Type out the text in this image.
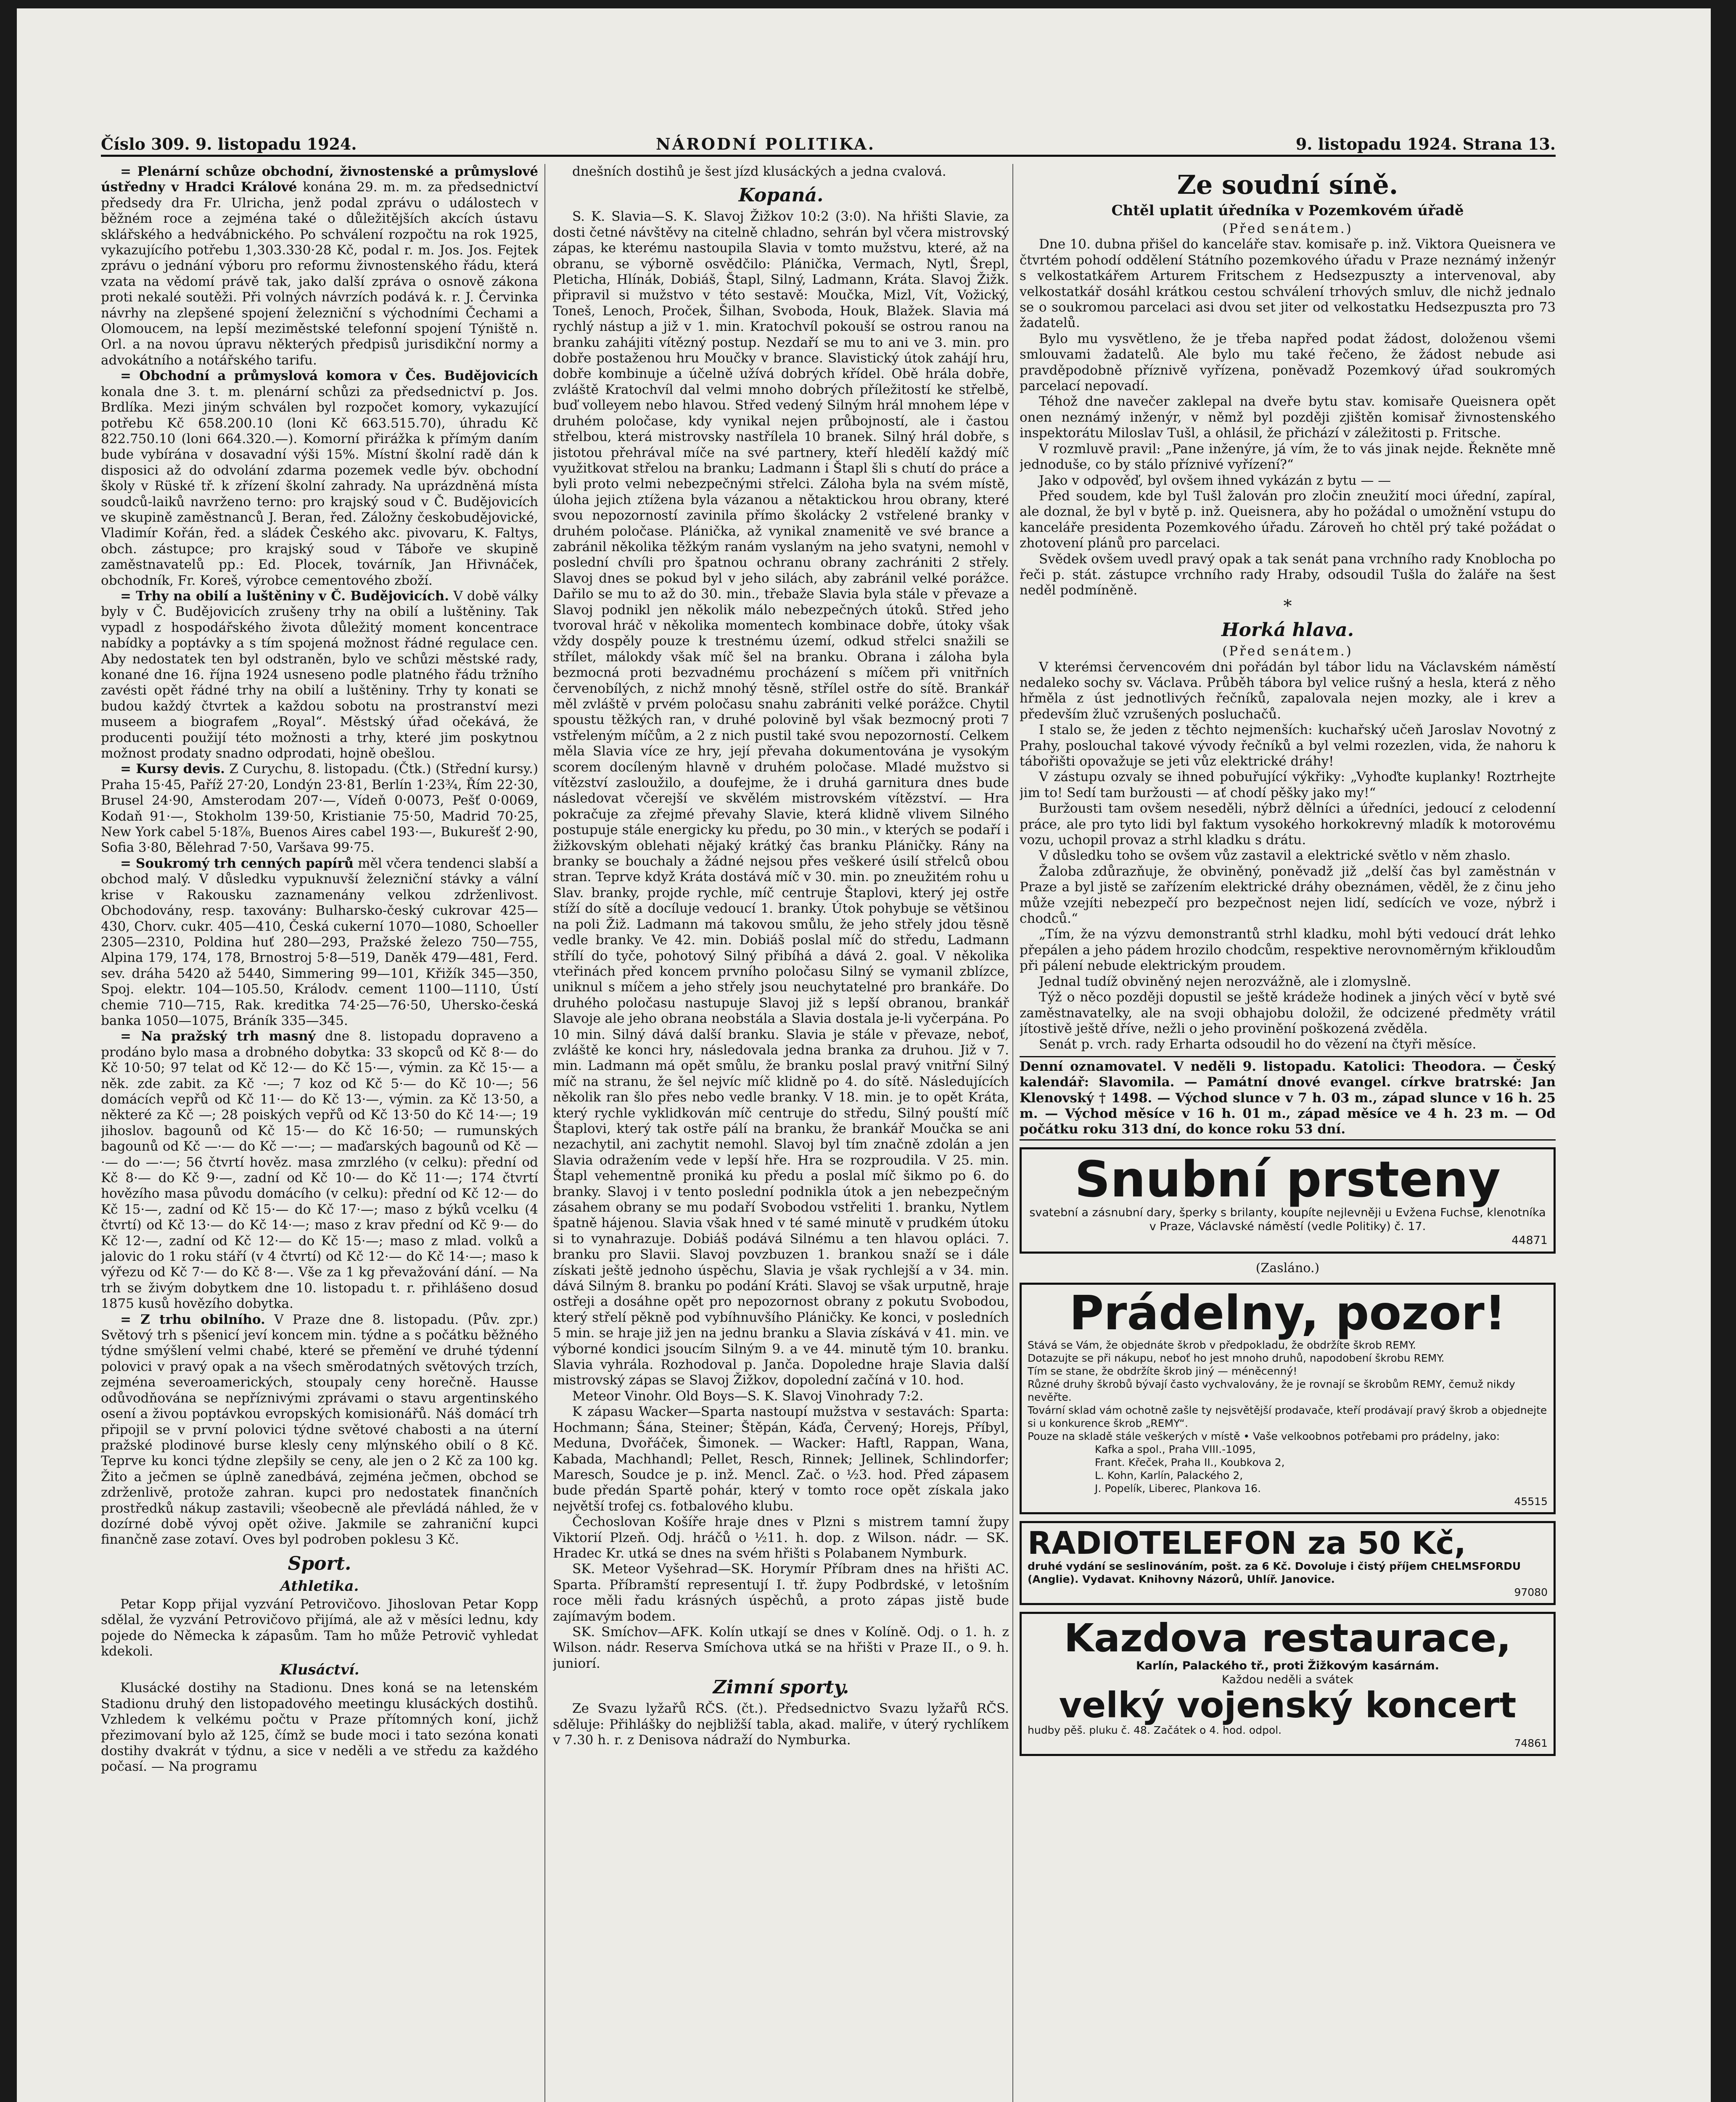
Číslo 309. 9. listopadu 1924.	NÁRODNÍ POLITIKA.	9. listopadu 1924. Strana 13.

= Plenární schůze obchodní, živnostenské a průmyslové ústředny v Hradci Králové konána 29. m. m. za předsednictví předsedy dra Fr. Ulricha, jenž podal zprávu o událostech v běžném roce a zejména také o důležitějších akcích ústavu sklářského a hedvábnického. Po schválení rozpočtu na rok 1925, vykazujícího potřebu 1,303.330·28 Kč, podal r. m. Jos. Jos. Fejtek zprávu o jednání výboru pro reformu živnostenského řádu, která vzata na vědomí právě tak, jako další zpráva o osnově zákona proti nekalé soutěži. Při volných návrzích podává k. r. J. Červinka návrhy na zlepšené spojení železniční s východními Čechami a Olomoucem, na lepší meziměstské telefonní spojení Týniště n. Orl. a na novou úpravu některých předpisů jurisdikční normy a advokátního a notářského tarifu.

= Obchodní a průmyslová komora v Čes. Budějovicích konala dne 3. t. m. plenární schůzi za předsednictví p. Jos. Brdlíka. Mezi jiným schválen byl rozpočet komory, vykazující potřebu Kč 658.200.10 (loni Kč 663.515.70), úhradu Kč 822.750.10 (loni 664.320.—). Komorní přirážka k přímým daním bude vybírána v dosavadní výši 15%. Místní školní radě dán k disposici až do odvolání zdarma pozemek vedle býv. obchodní školy v Rüské tř. k zřízení školní zahrady. Na uprázdněná místa soudců-laiků navrženo terno: pro krajský soud v Č. Budějovicích ve skupině zaměstnanců J. Beran, řed. Záložny českobudějovické, Vladimír Kořán, řed. a sládek Českého akc. pivovaru, K. Faltys, obch. zástupce; pro krajský soud v Táboře ve skupině zaměstnavatelů pp.: Ed. Plocek, továrník, Jan Hřivnáček, obchodník, Fr. Koreš, výrobce cementového zboží.

= Trhy na obilí a luštěniny v Č. Budějovicích. V době války byly v Č. Budějovicích zrušeny trhy na obilí a luštěniny. Tak vypadl z hospodářského života důležitý moment koncentrace nabídky a poptávky a s tím spojená možnost řádné regulace cen. Aby nedostatek ten byl odstraněn, bylo ve schůzi městské rady, konané dne 16. října 1924 usneseno podle platného řádu tržního zavésti opět řádné trhy na obilí a luštěniny. Trhy ty konati se budou každý čtvrtek a každou sobotu na prostranství mezi museem a biografem „Royal“. Městský úřad očekává, že producenti použijí této možnosti a trhy, které jim poskytnou možnost prodaty snadno odprodati, hojně obešlou.

= Kursy devis. Z Curychu, 8. listopadu. (Čtk.) (Střední kursy.) Praha 15·45, Paříž 27·20, Londýn 23·81, Berlín 1·23¾, Řím 22·30, Brusel 24·90, Amsterodam 207·—, Vídeň 0·0073, Pešť 0·0069, Kodaň 91·—, Stokholm 139·50, Kristianie 75·50, Madrid 70·25, New York cabel 5·18⅞, Buenos Aires cabel 193·—, Bukurešť 2·90, Sofia 3·80, Bělehrad 7·50, Varšava 99·75.

= Soukromý trh cenných papírů měl včera tendenci slabší a obchod malý. V důsledku vypuknuvší železniční stávky a vální krise v Rakousku zaznamenány velkou zdrženlivost. Obchodovány, resp. taxovány: Bulharsko-český cukrovar 425—430, Chorv. cukr. 405—410, Česká cukerní 1070—1080, Schoeller 2305—2310, Poldina huť 280—293, Pražské železo 750—755, Alpina 179, 174, 178, Brnostroj 5·8—519, Daněk 479—481, Ferd. sev. dráha 5420 až 5440, Simmering 99—101, Křižík 345—350, Spoj. elektr. 104—105.50, Králodv. cement 1100—1110, Ústí chemie 710—715, Rak. kreditka 74·25—76·50, Uhersko-česká banka 1050—1075, Bráník 335—345.

= Na pražský trh masný dne 8. listopadu dopraveno a prodáno bylo masa a drobného dobytka: 33 skopců od Kč 8·— do Kč 10·50; 97 telat od Kč 12·— do Kč 15·—, výmin. za Kč 15·— a něk. zde zabit. za Kč ·—; 7 koz od Kč 5·— do Kč 10·—; 56 domácích vepřů od Kč 11·— do Kč 13·—, výmin. za Kč 13·50, a některé za Kč —; 28 poiských vepřů od Kč 13·50 do Kč 14·—; 19 jihoslov. bagounů od Kč 15·— do Kč 16·50; — rumunských bagounů od Kč —·— do Kč —·—; — maďarských bagounů od Kč —·— do —·—; 56 čtvrtí hověz. masa zmrzlého (v celku): přední od Kč 8·— do Kč 9·—, zadní od Kč 10·— do Kč 11·—; 174 čtvrtí hovězího masa původu domácího (v celku): přední od Kč 12·— do Kč 15·—, zadní od Kč 15·— do Kč 17·—; maso z býků vcelku (4 čtvrtí) od Kč 13·— do Kč 14·—; maso z krav přední od Kč 9·— do Kč 12·—, zadní od Kč 12·— do Kč 15·—; maso z mlad. volků a jalovic do 1 roku stáří (v 4 čtvrtí) od Kč 12·— do Kč 14·—; maso k výřezu od Kč 7·— do Kč 8·—. Vše za 1 kg převažování dání. — Na trh se živým dobytkem dne 10. listopadu t. r. přihlášeno dosud 1875 kusů hovězího dobytka.

= Z trhu obilního. V Praze dne 8. listopadu. (Pův. zpr.) Světový trh s pšenicí jeví koncem min. týdne a s počátku běžného týdne smýšlení velmi chabé, které se přemění ve druhé týdenní polovici v pravý opak a na všech směrodatných světových trzích, zejména severoamerických, stoupaly ceny horečně. Hausse odůvodňována se nepříznivými zprávami o stavu argentinského osení a živou poptávkou evropských komisionářů. Náš domácí trh připojil se v první polovici týdne světové chabosti a na úterní pražské plodinové burse klesly ceny mlýnského obilí o 8 Kč. Teprve ku konci týdne zlepšily se ceny, ale jen o 2 Kč za 100 kg. Žito a ječmen se úplně zanedbává, zejména ječmen, obchod se zdrženlivě, protože zahran. kupci pro nedostatek finančních prostředků nákup zastavili; všeobecně ale převládá náhled, že v dozírné době vývoj opět ožive. Jakmile se zahraniční kupci finančně zase zotaví. Oves byl podroben poklesu 3 Kč.

Sport.
Athletika.

Petar Kopp přijal vyzvání Petrovičovo. Jihoslovan Petar Kopp sdělal, že vyzvání Petrovičovo přijímá, ale až v měsíci lednu, kdy pojede do Německa k zápasům. Tam ho může Petrovič vyhledat kdekoli.

Klusáctví.

Klusácké dostihy na Stadionu. Dnes koná se na letenském Stadionu druhý den listopadového meetingu klusáckých dostihů. Vzhledem k velkému počtu v Praze přítomných koní, jichž přezimovaní bylo až 125, čímž se bude moci i tato sezóna konati dostihy dvakrát v týdnu, a sice v neděli a ve středu za každého počasí. — Na programu

dnešních dostihů je šest jízd klusáckých a jedna cvalová.

Kopaná.

S. K. Slavia—S. K. Slavoj Žižkov 10:2 (3:0). Na hřišti Slavie, za dosti četné návštěvy na citelně chladno, sehrán byl včera mistrovský zápas, ke kterému nastoupila Slavia v tomto mužstvu, které, až na obranu, se výborně osvědčilo: Plánička, Vermach, Nytl, Šrepl, Pleticha, Hlínák, Dobiáš, Štapl, Silný, Ladmann, Kráta. Slavoj Žižk. připravil si mužstvo v této sestavě: Moučka, Mizl, Vít, Vožický, Toneš, Lenoch, Proček, Šilhan, Svoboda, Houk, Blažek. Slavia má rychlý nástup a již v 1. min. Kratochvíl pokouší se ostrou ranou na branku zahájiti vítězný postup. Nezdaří se mu to ani ve 3. min. pro dobře postaženou hru Moučky v brance. Slavistický útok zahájí hru, dobře kombinuje a účelně užívá dobrých křídel. Obě hrála dobře, zvláště Kratochvíl dal velmi mnoho dobrých příležitostí ke střelbě, buď volleyem nebo hlavou. Střed vedený Silným hrál mnohem lépe v druhém poločase, kdy vynikal nejen průbojností, ale i častou střelbou, která mistrovsky nastřílela 10 branek. Silný hrál dobře, s jistotou přehrával míče na své partnery, kteří hledělí každý míč využitkovat střelou na branku; Ladmann i Štapl šli s chutí do práce a byli proto velmi nebezpečnými střelci. Záloha byla na svém místě, úloha jejich ztížena byla vázanou a nětaktickou hrou obrany, které svou nepozorností zavinila přímo školácky 2 vstřelené branky v druhém poločase. Plánička, až vynikal znamenitě ve své brance a zabránil několika těžkým ranám vyslaným na jeho svatyni, nemohl v poslední chvíli pro špatnou ochranu obrany zachrániti 2 střely. Slavoj dnes se pokud byl v jeho silách, aby zabránil velké porážce. Dařilo se mu to až do 30. min., třebaže Slavia byla stále v převaze a Slavoj podnikl jen několik málo nebezpečných útoků. Střed jeho tvoroval hráč v několika momentech kombinace dobře, útoky však vždy dospěly pouze k trestnému území, odkud střelci snažili se střílet, málokdy však míč šel na branku. Obrana i záloha byla bezmocná proti bezvadnému procházení s míčem při vnitřních červenobílých, z nichž mnohý těsně, střílel ostře do sítě. Brankář měl zvláště v prvém poločasu snahu zabrániti velké porážce. Chytil spoustu těžkých ran, v druhé polovině byl však bezmocný proti 7 vstřeleným míčům, a 2 z nich pustil také svou nepozorností. Celkem měla Slavia více ze hry, její převaha dokumentována je vysokým scorem docíleným hlavně v druhém poločase. Mladé mužstvo si vítězství zasloužilo, a doufejme, že i druhá garnitura dnes bude následovat včerejší ve skvělém mistrovském vítězství. — Hra pokračuje za zřejmé převahy Slavie, která klidně vlivem Silného postupuje stále energicky ku předu, po 30 min., v kterých se podaří i žižkovským oblehati nějaký krátký čas branku Pláničky. Rány na branky se bouchaly a žádné nejsou přes veškeré úsilí střelců obou stran. Teprve když Kráta dostává míč v 30. min. po zneužitém rohu u Slav. branky, projde rychle, míč centruje Štaplovi, který jej ostře stíží do sítě a docíluje vedoucí 1. branky. Útok pohybuje se většinou na poli Žiž. Ladmann má takovou smůlu, že jeho střely jdou těsně vedle branky. Ve 42. min. Dobiáš poslal míč do středu, Ladmann střílí do tyče, pohotový Silný přibíhá a dává 2. goal. V několika vteřinách před koncem prvního poločasu Silný se vymanil zblízce, uniknul s míčem a jeho střely jsou neuchytatelné pro brankáře. Do druhého poločasu nastupuje Slavoj již s lepší obranou, brankář Slavoje ale jeho obrana neobstála a Slavia dostala je-li vyčerpána. Po 10 min. Silný dává další branku. Slavia je stále v převaze, neboť, zvláště ke konci hry, následovala jedna branka za druhou. Již v 7. min. Ladmann má opět smůlu, že branku poslal pravý vnitřní Silný míč na stranu, že šel nejvíc míč klidně po 4. do sítě. Následujících několik ran šlo přes nebo vedle branky. V 18. min. je to opět Kráta, který rychle vyklidkován míč centruje do středu, Silný pouští míč Štaplovi, který tak ostře pálí na branku, že brankář Moučka se ani nezachytil, ani zachytit nemohl. Slavoj byl tím značně zdolán a jen Slavia odražením vede v lepší hře. Hra se rozproudila. V 25. min. Štapl vehementně proniká ku předu a poslal míč šikmo po 6. do branky. Slavoj i v tento poslední podnikla útok a jen nebezpečným zásahem obrany se mu podaří Svobodou vstřeliti 1. branku, Nytlem špatně hájenou. Slavia však hned v té samé minutě v prudkém útoku si to vynahrazuje. Dobiáš podává Silnému a ten hlavou opláci. 7. branku pro Slavii. Slavoj povzbuzen 1. brankou snaží se i dále získati ještě jednoho úspěchu, Slavia je však rychlejší a v 34. min. dává Silným 8. branku po podání Kráti. Slavoj se však urputně, hraje ostřeji a dosáhne opět pro nepozornost obrany z pokutu Svobodou, který střelí pěkně pod vybíhnuvšího Pláničky. Ke konci, v posledních 5 min. se hraje již jen na jednu branku a Slavia získává v 41. min. ve výborné kondici jsoucím Silným 9. a ve 44. minutě tým 10. branku. Slavia vyhrála. Rozhodoval p. Janča. Dopoledne hraje Slavia další mistrovský zápas se Slavoj Žižkov, dopolední začíná v 10. hod.

Meteor Vinohr. Old Boys—S. K. Slavoj Vinohrady 7:2.

K zápasu Wacker—Sparta nastoupí mužstva v sestavách: Sparta: Hochmann; Šána, Steiner; Štěpán, Káďa, Červený; Horejs, Příbyl, Meduna, Dvořáček, Šimonek. — Wacker: Haftl, Rappan, Wana, Kabada, Machhandl; Pellet, Resch, Rinnek; Jellinek, Schlindorfer; Maresch, Soudce je p. inž. Mencl. Zač. o ½3. hod. Před zápasem bude předán Spartě pohár, který v tomto roce opět získala jako největší trofej cs. fotbalového klubu.

Čechoslovan Košíře hraje dnes v Plzni s mistrem tamní župy Viktorií Plzeň. Odj. hráčů o ½11. h. dop. z Wilson. nádr. — SK. Hradec Kr. utká se dnes na svém hřišti s Polabanem Nymburk.

SK. Meteor Vyšehrad—SK. Horymír Příbram dnes na hřišti AC. Sparta. Příbramští representují I. tř. župy Podbrdské, v letošním roce měli řadu krásných úspěchů, a proto zápas jistě bude zajímavým bodem.

SK. Smíchov—AFK. Kolín utkají se dnes v Kolíně. Odj. o 1. h. z Wilson. nádr. Reserva Smíchova utká se na hřišti v Praze II., o 9. h. juniorí.

Zimní sporty.

Ze Svazu lyžařů RČS. (čt.). Předsednictvo Svazu lyžařů RČS. sděluje: Přihlášky do nejbližší tabla, akad. maliře, v úterý rychlíkem v 7.30 h. r. z Denisova nádraží do Nymburka.

Ze soudní síně.
Chtěl uplatit úředníka v Pozemkovém úřadě
(Před senátem.)

Dne 10. dubna přišel do kanceláře stav. komisaře p. inž. Viktora Queisnera ve čtvrtém pohodí oddělení Státního pozemkového úřadu v Praze neznámý inženýr s velkostatkářem Arturem Fritschem z Hedsezpuszty a intervenoval, aby velkostatkář dosáhl krátkou cestou schválení trhových smluv, dle nichž jednalo se o soukromou parcelaci asi dvou set jiter od velkostatku Hedsezpuszta pro 73 žadatelů.

Bylo mu vysvětleno, že je třeba napřed podat žádost, doloženou všemi smlouvami žadatelů. Ale bylo mu také řečeno, že žádost nebude asi pravděpodobně příznivě vyřízena, poněvadž Pozemkový úřad soukromých parcelací nepovadí.

Téhož dne navečer zaklepal na dveře bytu stav. komisaře Queisnera opět onen neznámý inženýr, v němž byl později zjištěn komisař živnostenského inspektorátu Miloslav Tušl, a ohlásil, že přichází v záležitosti p. Fritsche.

V rozmluvě pravil: „Pane inženýre, já vím, že to vás jinak nejde. Řekněte mně jednoduše, co by stálo příznivé vyřízení?“

Jako v odpověď, byl ovšem ihned vykázán z bytu — —

Před soudem, kde byl Tušl žalován pro zločin zneužití moci úřední, zapíral, ale doznal, že byl v bytě p. inž. Queisnera, aby ho požádal o umožnění vstupu do kanceláře presidenta Pozemkového úřadu. Zároveň ho chtěl prý také požádat o zhotovení plánů pro parcelaci.

Svědek ovšem uvedl pravý opak a tak senát pana vrchního rady Knoblocha po řeči p. stát. zástupce vrchního rady Hraby, odsoudil Tušla do žaláře na šest neděl podmíněně.

*
Horká hlava.
(Před senátem.)

V kterémsi červencovém dni pořádán byl tábor lidu na Václavském náměstí nedaleko sochy sv. Václava. Průběh tábora byl velice rušný a hesla, která z něho hřměla z úst jednotlivých řečníků, zapalovala nejen mozky, ale i krev a především žluč vzrušených posluchačů.

I stalo se, že jeden z těchto nejmenších: kuchařský učeň Jaroslav Novotný z Prahy, poslouchal takové vývody řečníků a byl velmi rozezlen, vida, že nahoru k tábořišti opovažuje se jeti vůz elektrické dráhy!

V zástupu ozvaly se ihned pobuřující výkřiky: „Vyhoďte kuplanky! Roztrhejte jim to! Sedí tam buržousti — ať chodí pěšky jako my!“

Buržousti tam ovšem neseděli, nýbrž dělníci a úředníci, jedoucí z celodenní práce, ale pro tyto lidi byl faktum vysokého horkokrevný mladík k motorovému vozu, uchopil provaz a strhl kladku s drátu.

V důsledku toho se ovšem vůz zastavil a elektrické světlo v něm zhaslo.

Žaloba zdůrazňuje, že obviněný, poněvadž již „delší čas byl zaměstnán v Praze a byl jistě se zařízením elektrické dráhy obeznámen, věděl, že z činu jeho může vzejíti nebezpečí pro bezpečnost nejen lidí, sedících ve voze, nýbrž i chodců.“

„Tím, že na výzvu demonstrantů strhl kladku, mohl býti vedoucí drát lehko přepálen a jeho pádem hrozilo chodcům, respektive nerovnoměrným křikloudům při pálení nebude elektrickým proudem.

Jednal tudíž obviněný nejen nerozvážně, ale i zlomyslně.

Týž o něco později dopustil se ještě krádeže hodinek a jiných věcí v bytě své zaměstnavatelky, ale na svoji obhajobu doložil, že odcizené předměty vrátil jítostivě ještě dříve, nežli o jeho provinění poškozená zvěděla.

Senát p. vrch. rady Erharta odsoudil ho do vězení na čtyři měsíce.

Denní oznamovatel. V neděli 9. listopadu. Katolici: Theodora. — Český kalendář: Slavomila. — Památní dnové evangel. církve bratrské: Jan Klenovský † 1498. — Východ slunce v 7 h. 03 m., západ slunce v 16 h. 25 m. — Východ měsíce v 16 h. 01 m., západ měsíce ve 4 h. 23 m. — Od počátku roku 313 dní, do konce roku 53 dní.

Snubní prsteny
svatební a zásnubní dary, šperky s brilanty, koupíte nejlevněji u Evžena Fuchse, klenotníka v Praze, Václavské náměstí (vedle Politiky) č. 17.
44871
(Zasláno.)
Prádelny, pozor!
Stává se Vám, že objednáte škrob v předpokladu, že obdržíte škrob REMY.
Dotazujte se při nákupu, neboť ho jest mnoho druhů, napodobení škrobu REMY.
Tím se stane, že obdržíte škrob jiný — méněcenný!
Různé druhy škrobů bývají často vychvalovány, že je rovnají se škrobům REMY, čemuž nikdy nevěřte.
Tovární sklad vám ochotně zašle ty nejsvětější prodavače, kteří prodávají pravý škrob a objednejte si u konkurence škrob „REMY“.
Pouze na skladě stále veškerých v místě • Vaše velkoobnos potřebami pro prádelny, jako:
Kafka a spol., Praha VIII.-1095,
Frant. Křeček, Praha II., Koubkova 2,
L. Kohn, Karlín, Palackého 2,
J. Popelík, Liberec, Plankova 16.
45515
RADIOTELEFON za 50 Kč,
druhé vydání se seslinováním, pošt. za 6 Kč. Dovoluje i čistý příjem CHELMSFORDU (Anglie). Vydavat. Knihovny Názorů, Uhlíř. Janovice.
97080
Kazdova restaurace,
Karlín, Palackého tř., proti Žižkovým kasárnám.
Každou neděli a svátek
velký vojenský koncert
hudby pěš. pluku č. 48. Začátek o 4. hod. odpol.
74861
